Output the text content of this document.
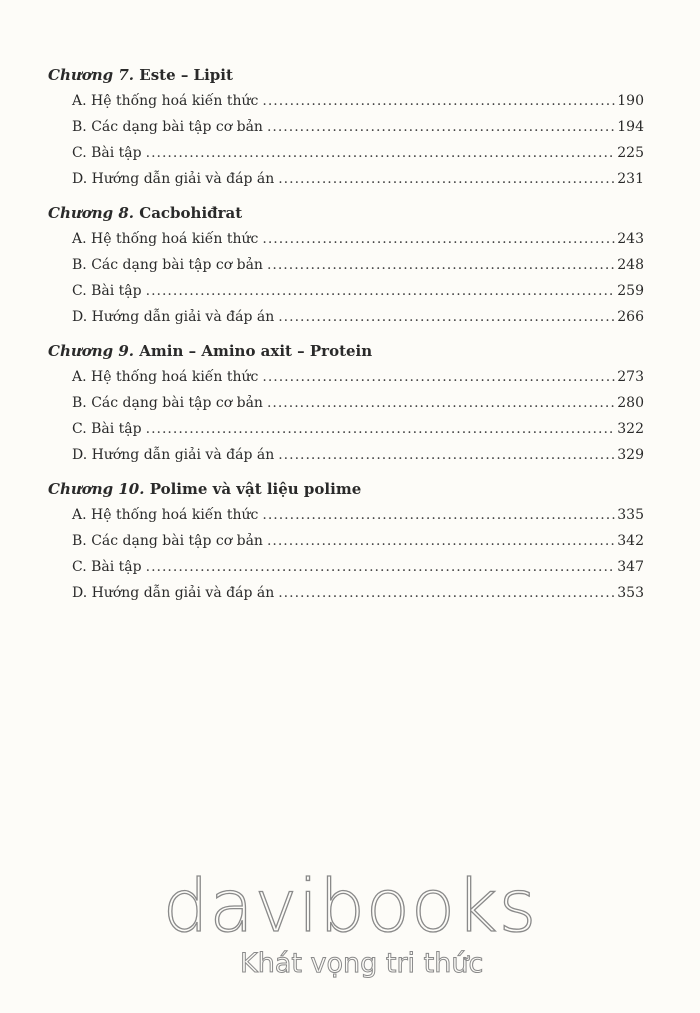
Chương 7. Este – Lipit
A. Hệ thống hoá kiến thức .....	190
B. Các dạng bài tập cơ bản .....	194
C. Bài tập .....	225
D. Hướng dẫn giải và đáp án .....	231
Chương 8. Cacbohiđrat
A. Hệ thống hoá kiến thức .....	243
B. Các dạng bài tập cơ bản .....	248
C. Bài tập .....	259
D. Hướng dẫn giải và đáp án .....	266
Chương 9. Amin – Amino axit – Protein
A. Hệ thống hoá kiến thức .....	273
B. Các dạng bài tập cơ bản .....	280
C. Bài tập .....	322
D. Hướng dẫn giải và đáp án .....	329
Chương 10. Polime và vật liệu polime
A. Hệ thống hoá kiến thức .....	335
B. Các dạng bài tập cơ bản .....	342
C. Bài tập .....	347
D. Hướng dẫn giải và đáp án .....	353
davibooks
Khát vọng tri thức
